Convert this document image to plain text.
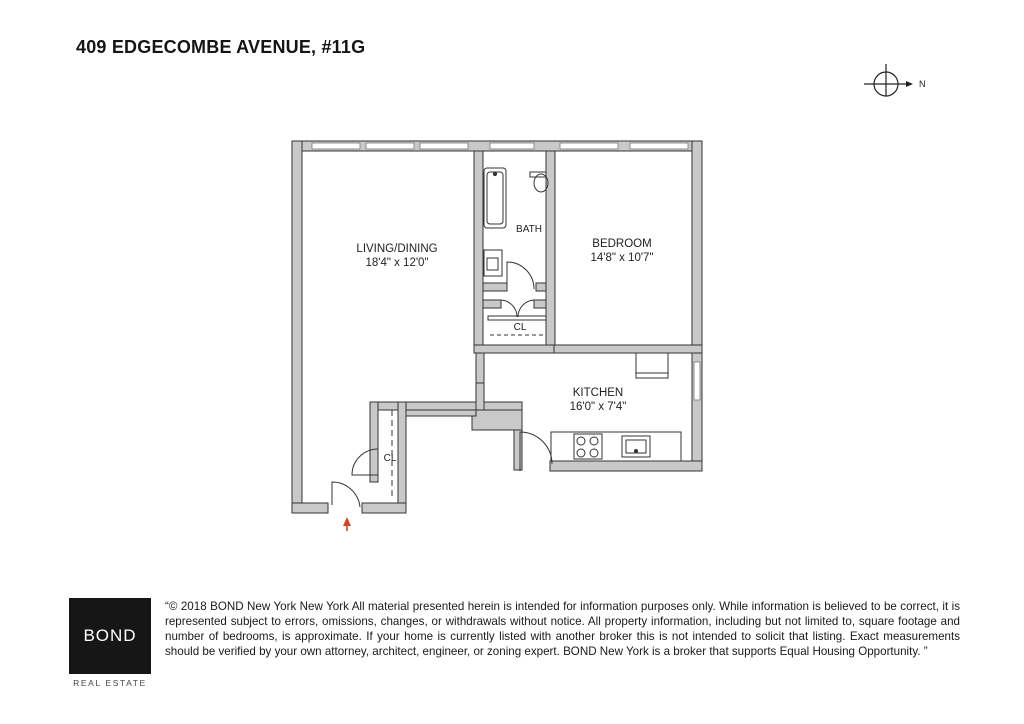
409 EDGECOMBE AVENUE, #11G
N
LIVING/DINING
18'4" x 12'0"
BATH
BEDROOM
14'8" x 10'7"
KITCHEN
16'0" x 7'4"
CL
CL
BOND
REAL ESTATE
“© 2018 BOND New York New York All material presented herein is intended for information purposes only. While information is believed to be correct, it is represented subject to errors, omissions, changes, or withdrawals without notice. All property information, including but not limited to, square footage and number of bedrooms, is approximate. If your home is currently listed with another broker this is not intended to solicit that listing. Exact measurements should be verified by your own attorney, architect, engineer, or zoning expert. BOND New York is a broker that supports Equal Housing Opportunity. ”
